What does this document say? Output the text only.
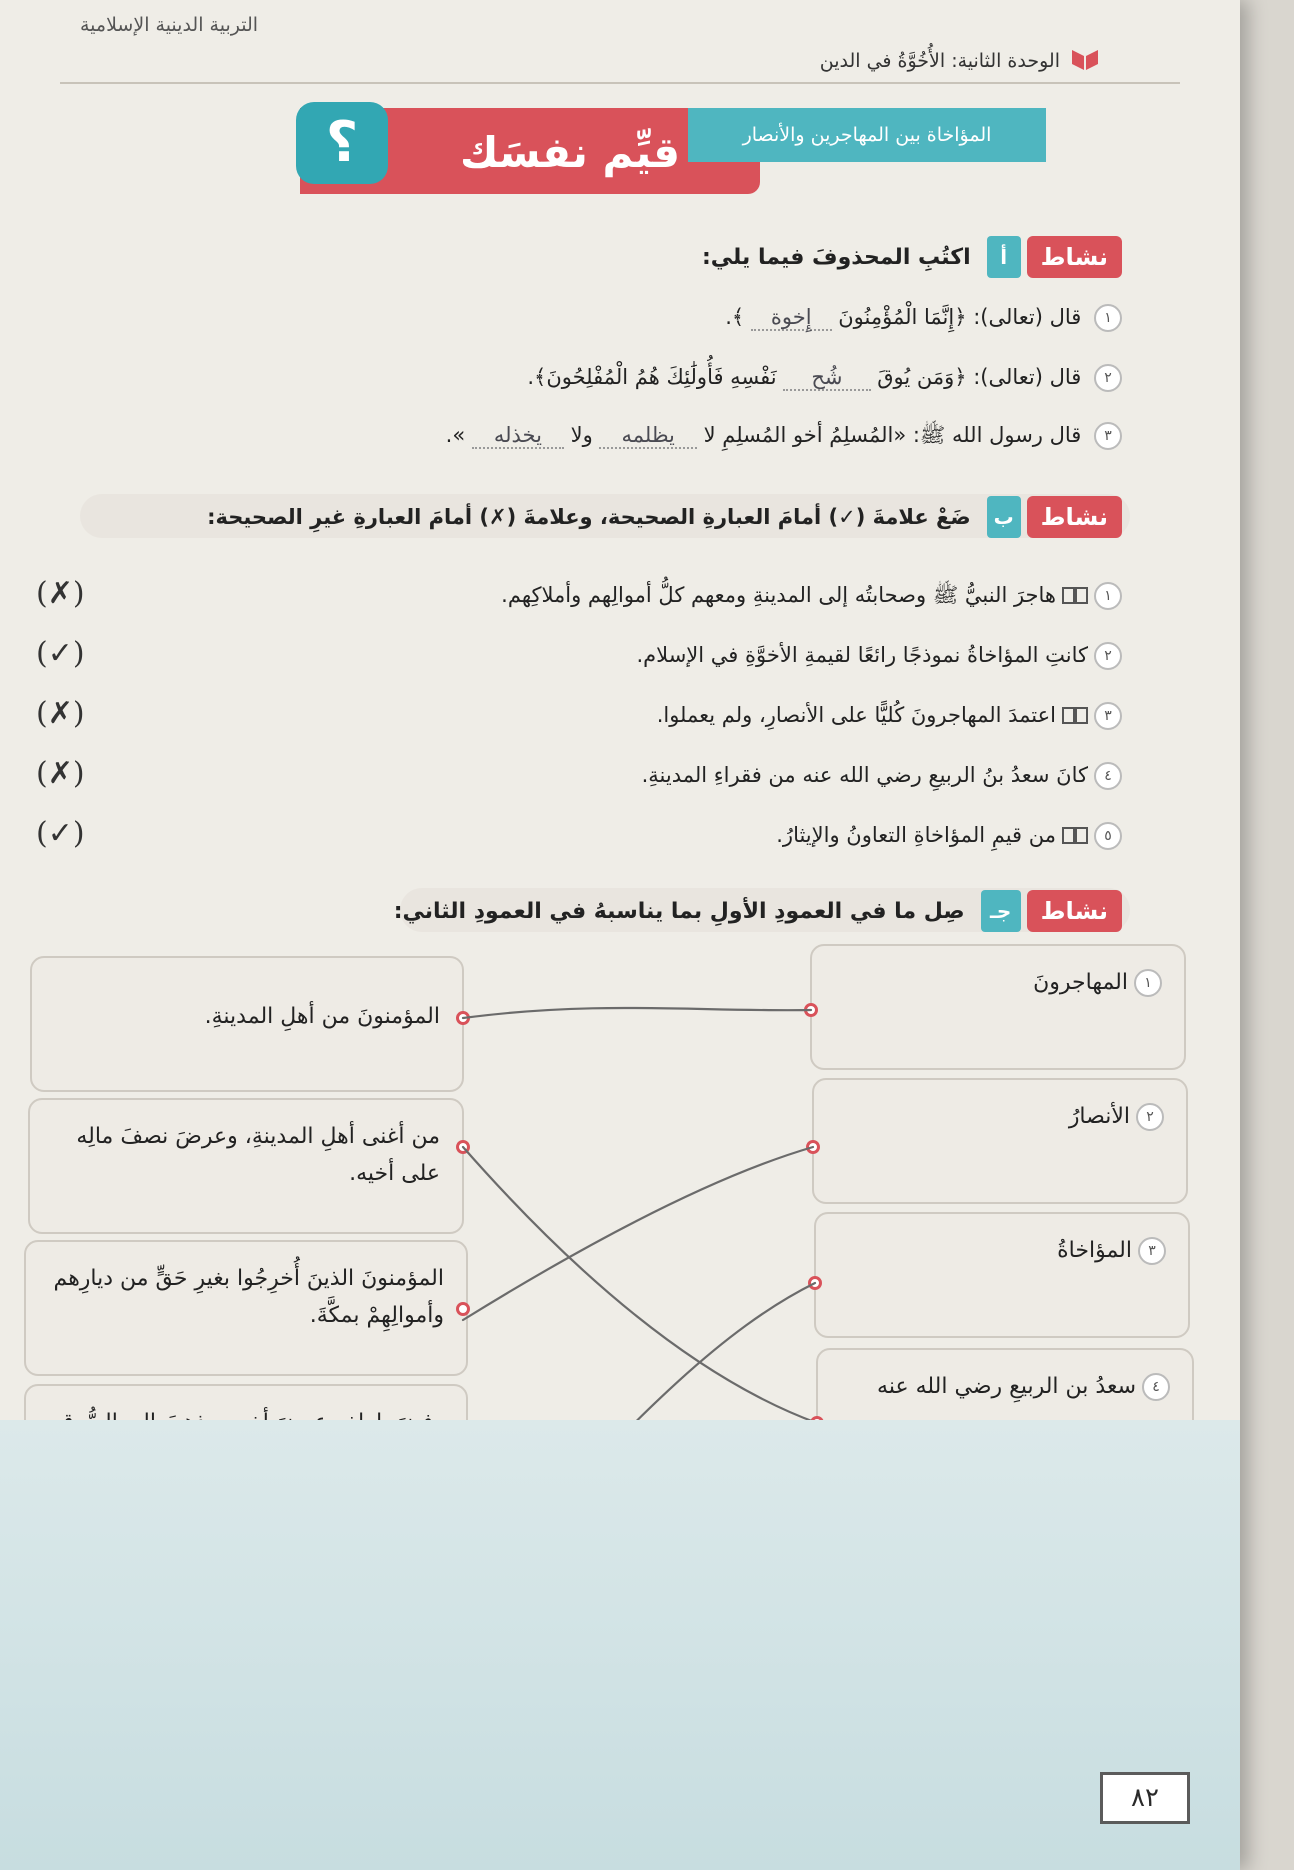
التربية الدينية الإسلامية
الوحدة الثانية: الأُخُوَّةُ في الدين
المؤاخاة بين المهاجرين والأنصار
قيِّم نفسَك
؟
نشاط
أ
اكتُبِ المحذوفَ فيما يلي:
١ قال (تعالى): ﴿إِنَّمَا الْمُؤْمِنُونَ إِخوة ﴾.
٢ قال (تعالى): ﴿وَمَن يُوقَ شُح نَفْسِهِ فَأُولَٰئِكَ هُمُ الْمُفْلِحُونَ﴾.
٣ قال رسول الله ﷺ: «المُسلِمُ أخو المُسلِمِ لا يظلمه ولا يخذله ».
نشاط
ب
ضَعْ علامةَ (✓) أمامَ العبارةِ الصحيحة، وعلامةَ (✗) أمامَ العبارةِ غيرِ الصحيحة:
١هاجرَ النبيُّ ﷺ وصحابتُه إلى المدينةِ ومعهم كلُّ أموالِهم وأملاكِهم.
(✗)
٢كانتِ المؤاخاةُ نموذجًا رائعًا لقيمةِ الأخوَّةِ في الإسلام.
(✓)
٣اعتمدَ المهاجرونَ كُليًّا على الأنصارِ، ولم يعملوا.
(✗)
٤كانَ سعدُ بنُ الربيعِ رضي الله عنه من فقراءِ المدينةِ.
(✗)
٥من قيمِ المؤاخاةِ التعاونُ والإيثارُ.
(✓)
نشاط
جـ
صِل ما في العمودِ الأولِ بما يناسبهُ في العمودِ الثاني:
١المهاجرونَ
٢الأنصارُ
٣المؤاخاةُ
٤سعدُ بن الربيعِ رضي الله عنه
المؤمنونَ من أهلِ المدينةِ.
من أغنى أهلِ المدينةِ، وعرضَ نصفَ مالِه على أخيه.
المؤمنونَ الذينَ أُخرِجُوا بغيرِ حَقٍّ من ديارِهم وأموالِهِمْ بمكَّةَ.
٨٢
